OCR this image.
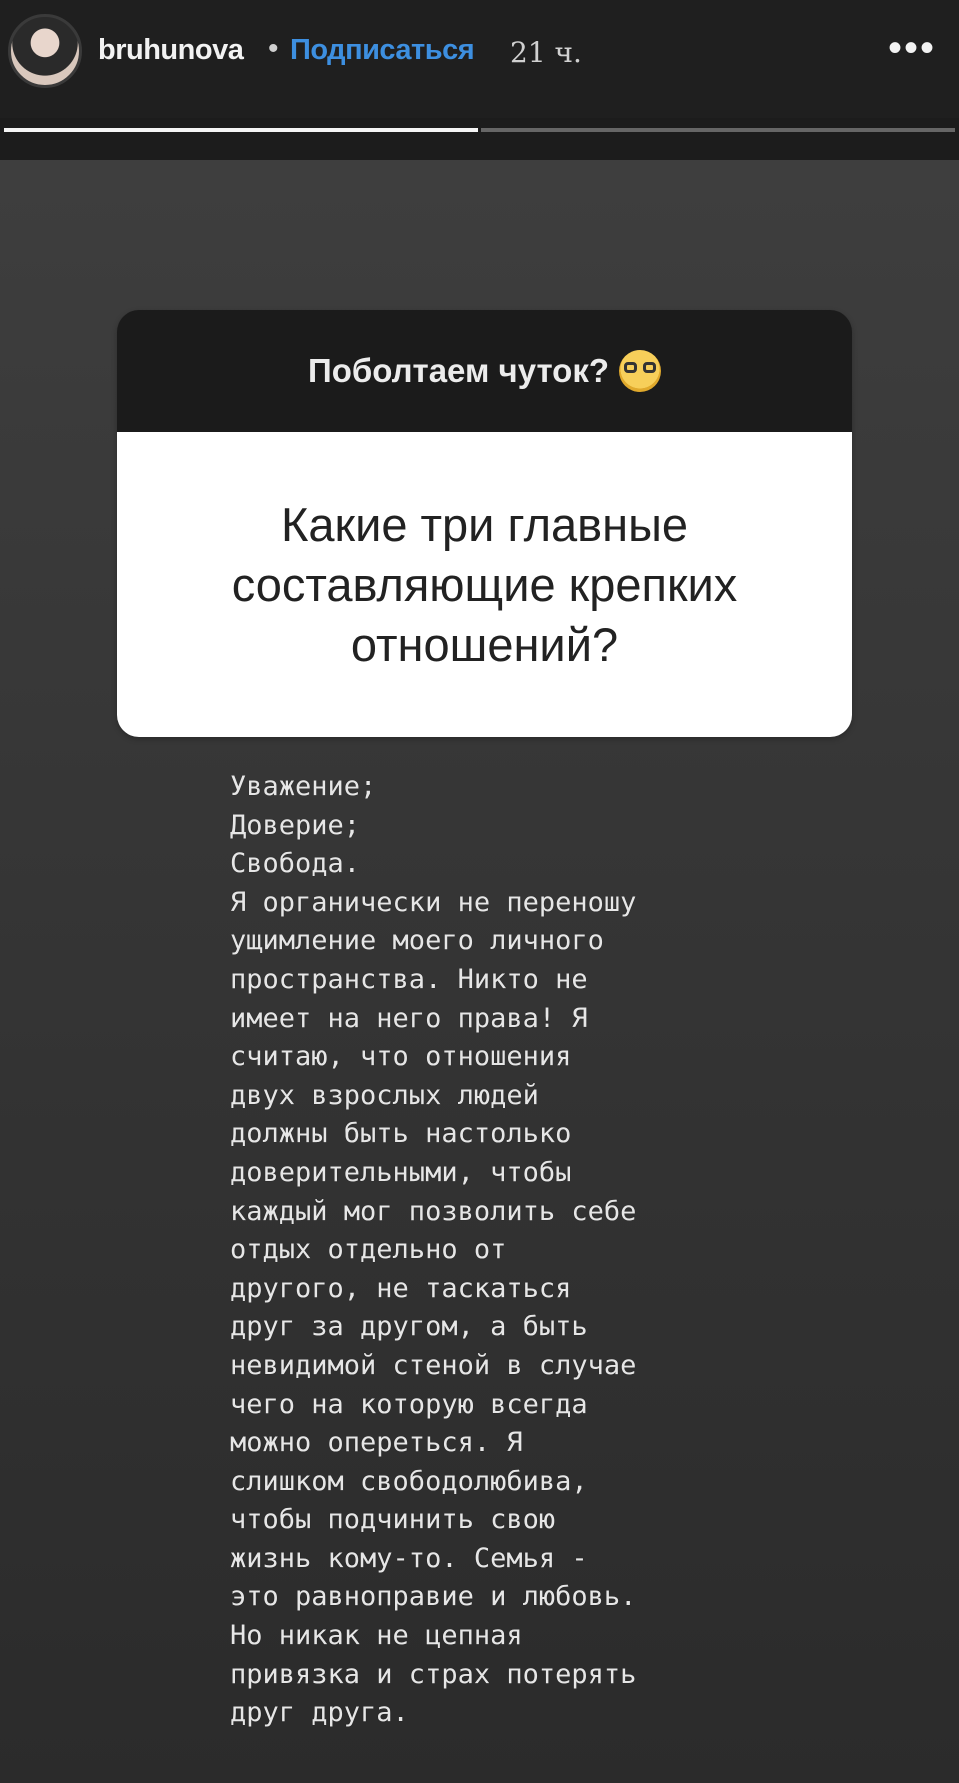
bruhunova • Подписаться 21 ч.	•••
Поболтаем чуток?
Какие три главные
составляющие крепких
отношений?
Уважение;
Доверие;
Свобода.
Я органически не переношу
ущимление моего личного
пространства. Никто не
имеет на него права! Я
считаю, что отношения
двух взрослых людей
должны быть настолько
доверительными, чтобы
каждый мог позволить себе
отдых отдельно от
другого, не таскаться
друг за другом, а быть
невидимой стеной в случае
чего на которую всегда
можно опереться. Я
слишком свободолюбива,
чтобы подчинить свою
жизнь кому-то. Семья -
это равноправие и любовь.
Но никак не цепная
привязка и страх потерять
друг друга.
